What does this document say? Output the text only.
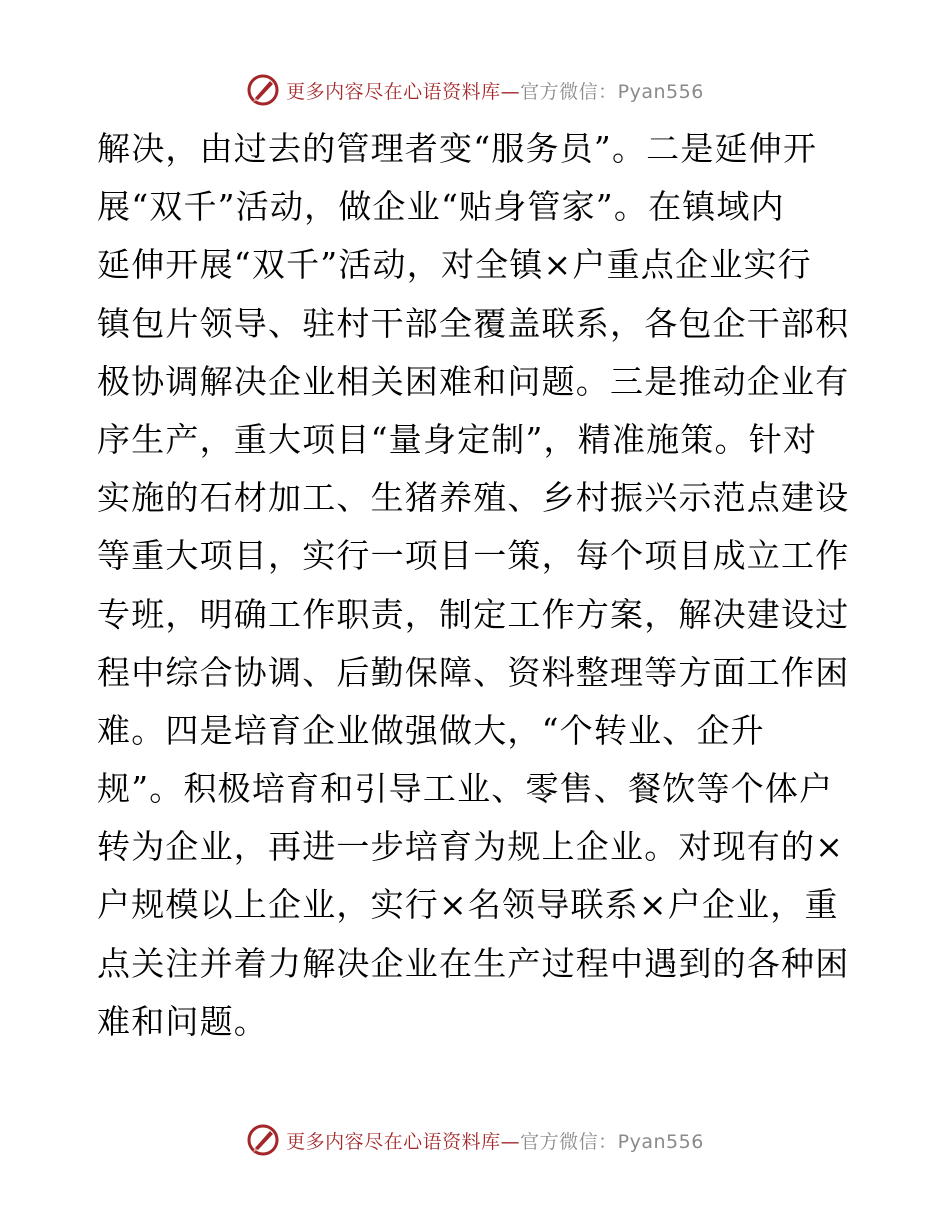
更多内容尽在心语资料库—官方微信：Pyan556
解决，由过去的管理者变“服务员”。二是延伸开
展“双千”活动，做企业“贴身管家”。在镇域内
延伸开展“双千”活动，对全镇×户重点企业实行
镇包片领导、驻村干部全覆盖联系，各包企干部积
极协调解决企业相关困难和问题。三是推动企业有
序生产，重大项目“量身定制”，精准施策。针对
实施的石材加工、生猪养殖、乡村振兴示范点建设
等重大项目，实行一项目一策，每个项目成立工作
专班，明确工作职责，制定工作方案，解决建设过
程中综合协调、后勤保障、资料整理等方面工作困
难。四是培育企业做强做大，“个转业、企升
规”。积极培育和引导工业、零售、餐饮等个体户
转为企业，再进一步培育为规上企业。对现有的×
户规模以上企业，实行×名领导联系×户企业，重
点关注并着力解决企业在生产过程中遇到的各种困
难和问题。
更多内容尽在心语资料库—官方微信：Pyan556
